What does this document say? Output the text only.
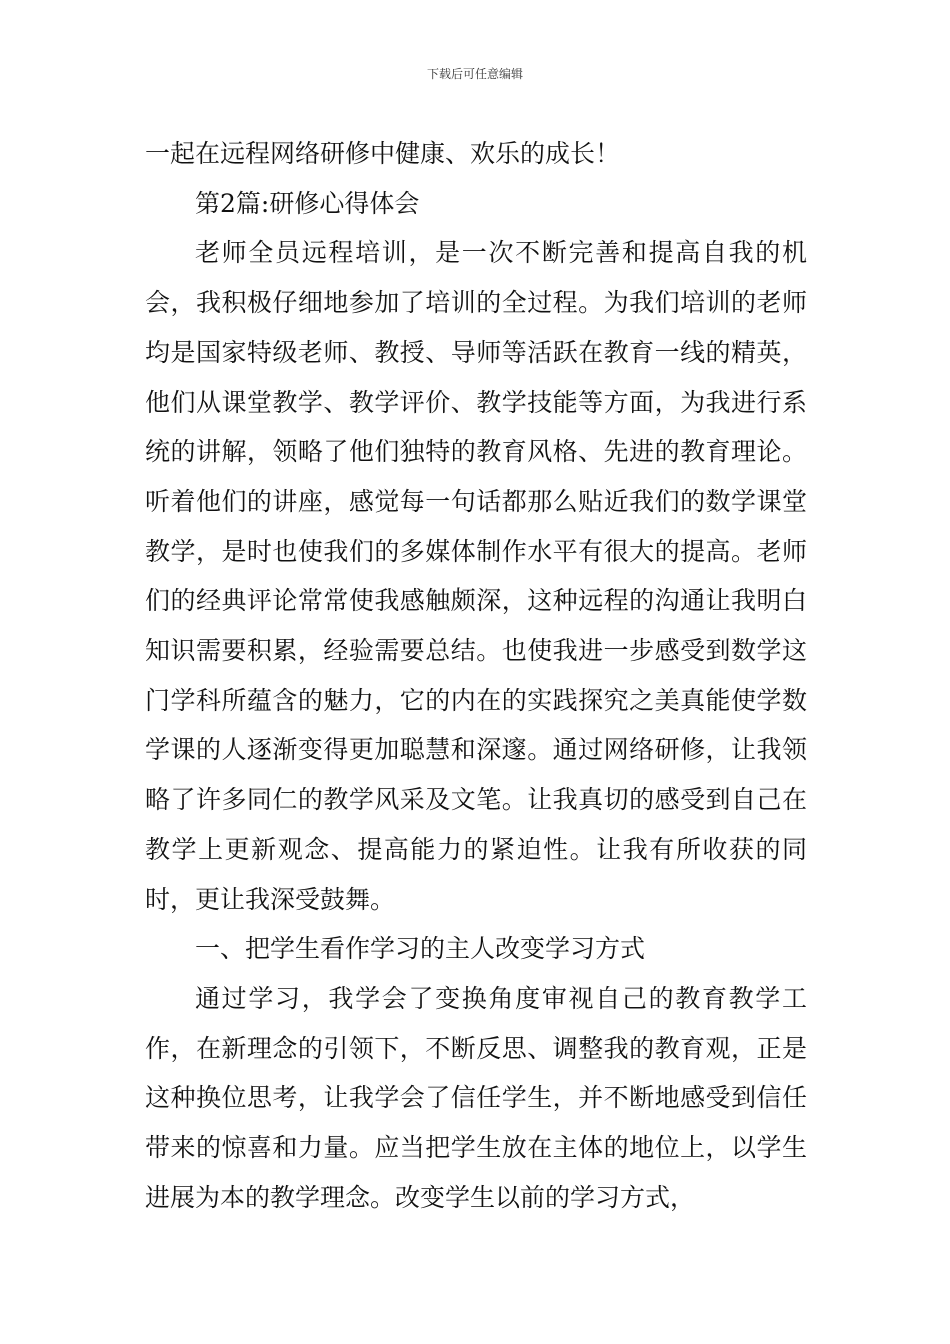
下载后可任意编辑

一起在远程网络研修中健康、欢乐的成长！

第2篇:研修心得体会

老师全员远程培训，是一次不断完善和提高自我的机会，我积极仔细地参加了培训的全过程。为我们培训的老师均是国家特级老师、教授、导师等活跃在教育一线的精英，他们从课堂教学、教学评价、教学技能等方面，为我进行系统的讲解，领略了他们独特的教育风格、先进的教育理论。听着他们的讲座，感觉每一句话都那么贴近我们的数学课堂教学，是时也使我们的多媒体制作水平有很大的提高。老师们的经典评论常常使我感触颇深，这种远程的沟通让我明白知识需要积累，经验需要总结。也使我进一步感受到数学这门学科所蕴含的魅力，它的内在的实践探究之美真能使学数学课的人逐渐变得更加聪慧和深邃。通过网络研修，让我领略了许多同仁的教学风采及文笔。让我真切的感受到自己在教学上更新观念、提高能力的紧迫性。让我有所收获的同时，更让我深受鼓舞。

一、把学生看作学习的主人改变学习方式

通过学习，我学会了变换角度审视自己的教育教学工作，在新理念的引领下，不断反思、调整我的教育观，正是这种换位思考，让我学会了信任学生，并不断地感受到信任带来的惊喜和力量。应当把学生放在主体的地位上，以学生进展为本的教学理念。改变学生以前的学习方式，
